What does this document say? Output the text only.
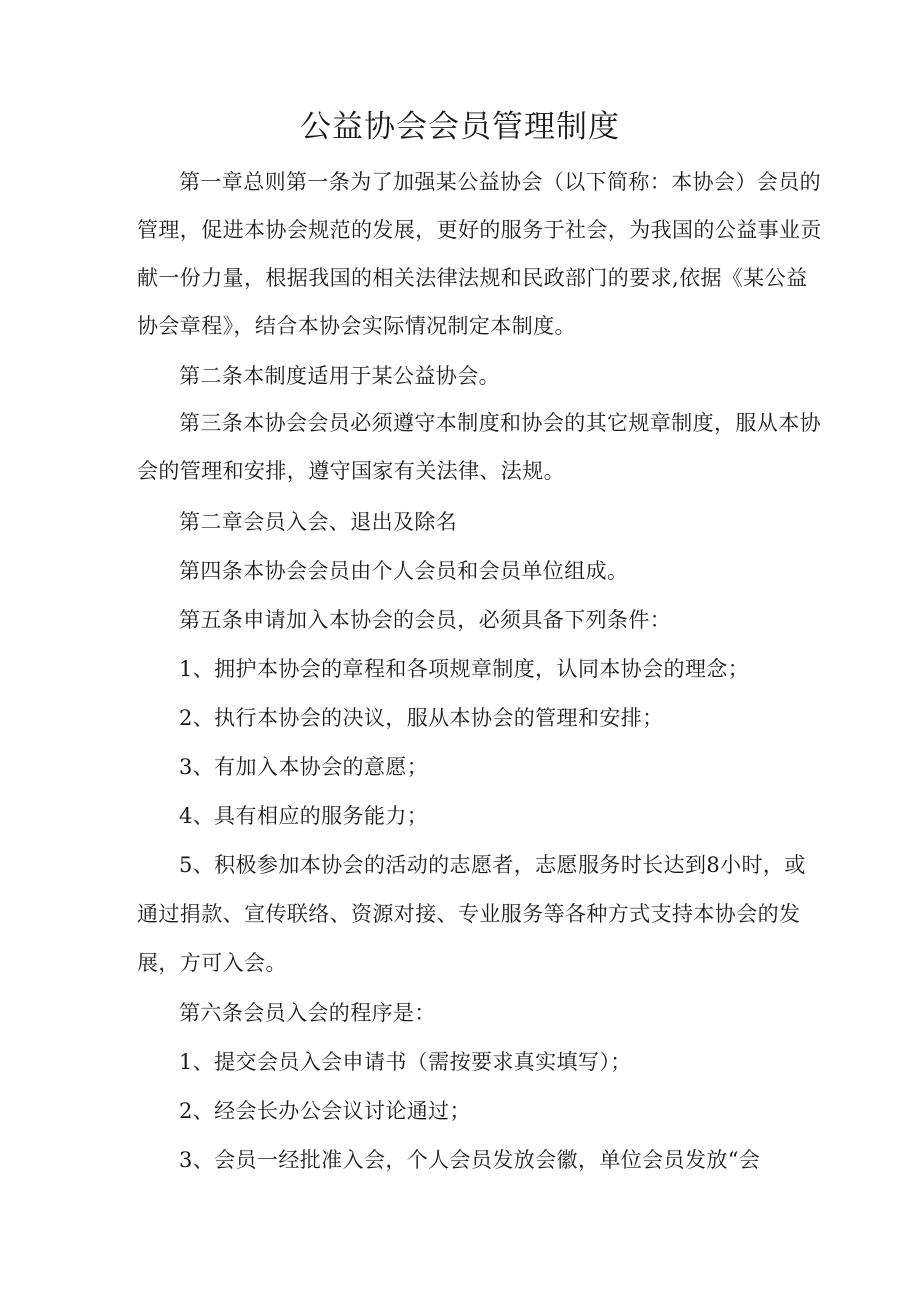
公益协会会员管理制度
第一章总则第一条为了加强某公益协会（以下简称：本协会）会员的
管理，促进本协会规范的发展，更好的服务于社会，为我国的公益事业贡
献一份力量，根据我国的相关法律法规和民政部门的要求,依据《某公益
协会章程》，结合本协会实际情况制定本制度。
第二条本制度适用于某公益协会。
第三条本协会会员必须遵守本制度和协会的其它规章制度，服从本协
会的管理和安排，遵守国家有关法律、法规。
第二章会员入会、退出及除名
第四条本协会会员由个人会员和会员单位组成。
第五条申请加入本协会的会员，必须具备下列条件：
1、拥护本协会的章程和各项规章制度，认同本协会的理念；
2、执行本协会的决议，服从本协会的管理和安排；
3、有加入本协会的意愿；
4、具有相应的服务能力；
5、积极参加本协会的活动的志愿者，志愿服务时长达到8小时，或
通过捐款、宣传联络、资源对接、专业服务等各种方式支持本协会的发
展，方可入会。
第六条会员入会的程序是：
1、提交会员入会申请书（需按要求真实填写）；
2、经会长办公会议讨论通过；
3、会员一经批准入会，个人会员发放会徽，单位会员发放“会
